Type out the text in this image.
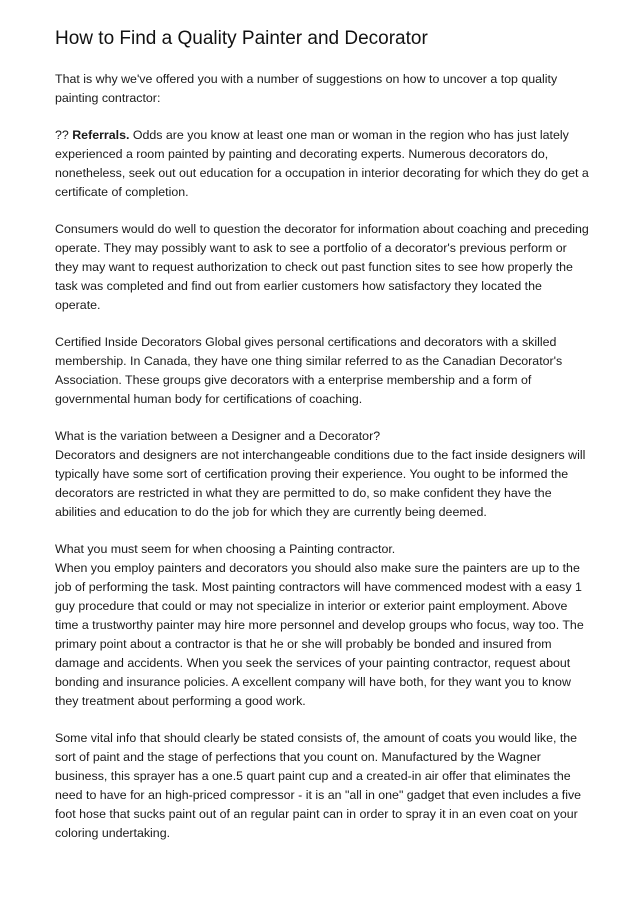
How to Find a Quality Painter and Decorator

That is why we've offered you with a number of suggestions on how to uncover a top quality painting contractor:

?? Referrals. Odds are you know at least one man or woman in the region who has just lately experienced a room painted by painting and decorating experts. Numerous decorators do, nonetheless, seek out out education for a occupation in interior decorating for which they do get a certificate of completion.

Consumers would do well to question the decorator for information about coaching and preceding operate. They may possibly want to ask to see a portfolio of a decorator's previous perform or they may want to request authorization to check out past function sites to see how properly the task was completed and find out from earlier customers how satisfactory they located the operate.

Certified Inside Decorators Global gives personal certifications and decorators with a skilled membership. In Canada, they have one thing similar referred to as the Canadian Decorator's Association. These groups give decorators with a enterprise membership and a form of governmental human body for certifications of coaching.

What is the variation between a Designer and a Decorator?
Decorators and designers are not interchangeable conditions due to the fact inside designers will typically have some sort of certification proving their experience. You ought to be informed the decorators are restricted in what they are permitted to do, so make confident they have the abilities and education to do the job for which they are currently being deemed.

What you must seem for when choosing a Painting contractor.
When you employ painters and decorators you should also make sure the painters are up to the job of performing the task. Most painting contractors will have commenced modest with a easy 1 guy procedure that could or may not specialize in interior or exterior paint employment. Above time a trustworthy painter may hire more personnel and develop groups who focus, way too. The primary point about a contractor is that he or she will probably be bonded and insured from damage and accidents. When you seek the services of your painting contractor, request about bonding and insurance policies. A excellent company will have both, for they want you to know they treatment about performing a good work.

Some vital info that should clearly be stated consists of, the amount of coats you would like, the sort of paint and the stage of perfections that you count on. Manufactured by the Wagner business, this sprayer has a one.5 quart paint cup and a created-in air offer that eliminates the need to have for an high-priced compressor - it is an "all in one" gadget that even includes a five foot hose that sucks paint out of an regular paint can in order to spray it in an even coat on your coloring undertaking.
